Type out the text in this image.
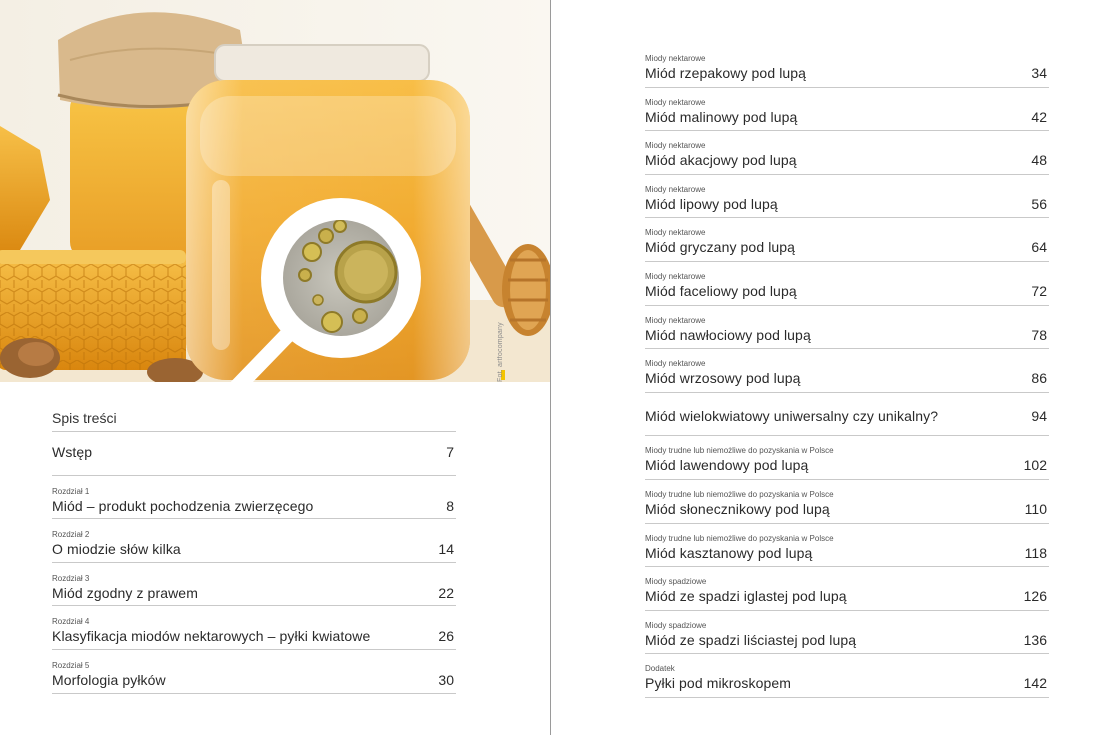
Fot. artfocompany
Spis treści
Wstęp	7
Rozdział 1
Miód – produkt pochodzenia zwierzęcego	8
Rozdział 2
O miodzie słów kilka	14
Rozdział 3
Miód zgodny z prawem	22
Rozdział 4
Klasyfikacja miodów nektarowych – pyłki kwiatowe	26
Rozdział 5
Morfologia pyłków	30
Miody nektarowe
Miód rzepakowy pod lupą	34
Miody nektarowe
Miód malinowy pod lupą	42
Miody nektarowe
Miód akacjowy pod lupą	48
Miody nektarowe
Miód lipowy pod lupą	56
Miody nektarowe
Miód gryczany pod lupą	64
Miody nektarowe
Miód faceliowy pod lupą	72
Miody nektarowe
Miód nawłociowy pod lupą	78
Miody nektarowe
Miód wrzosowy pod lupą	86
Miód wielokwiatowy uniwersalny czy unikalny?	94
Miody trudne lub niemożliwe do pozyskania w Polsce
Miód lawendowy pod lupą	102
Miody trudne lub niemożliwe do pozyskania w Polsce
Miód słonecznikowy pod lupą	110
Miody trudne lub niemożliwe do pozyskania w Polsce
Miód kasztanowy pod lupą	118
Miody spadziowe
Miód ze spadzi iglastej pod lupą	126
Miody spadziowe
Miód ze spadzi liściastej pod lupą	136
Dodatek
Pyłki pod mikroskopem	142
